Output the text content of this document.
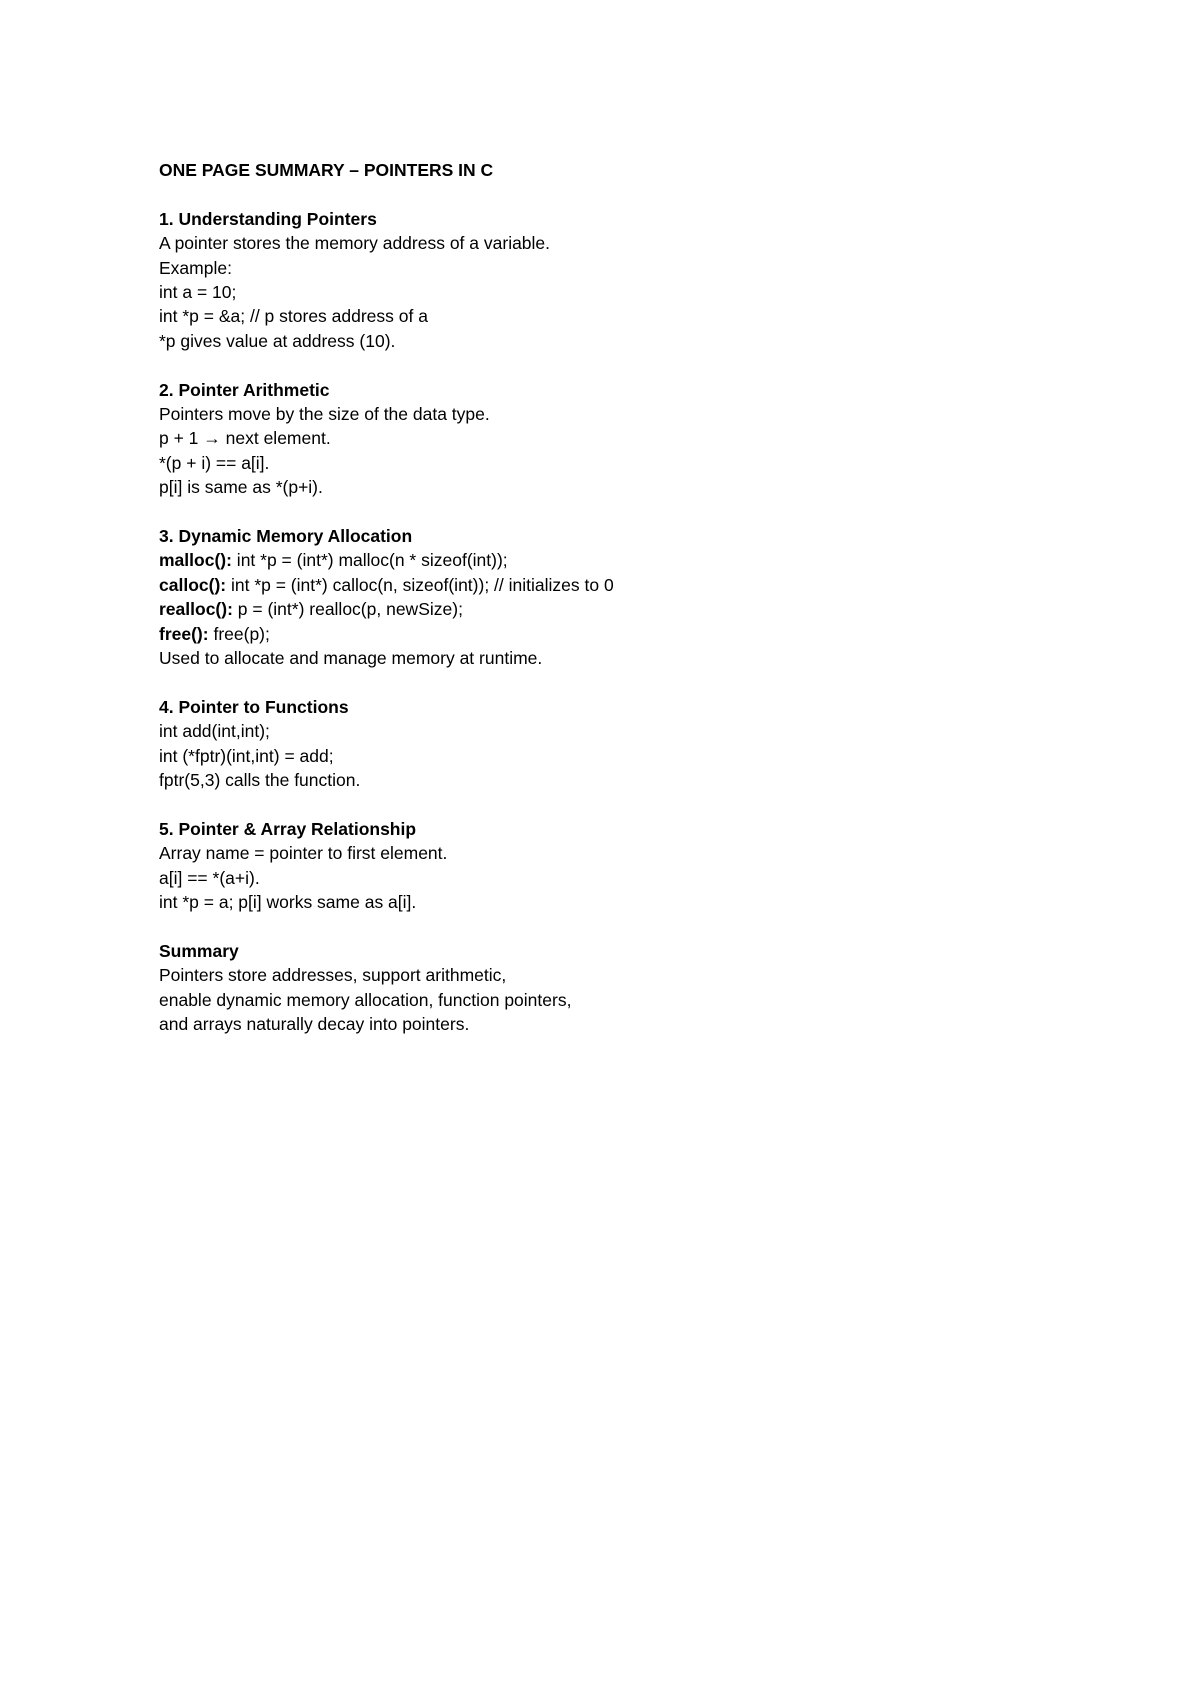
ONE PAGE SUMMARY – POINTERS IN C
1. Understanding Pointers
A pointer stores the memory address of a variable.
Example:
int a = 10;
int *p = &a; // p stores address of a
*p gives value at address (10).
2. Pointer Arithmetic
Pointers move by the size of the data type.
p + 1 → next element.
*(p + i) == a[i].
p[i] is same as *(p+i).
3. Dynamic Memory Allocation
malloc(): int *p = (int*) malloc(n * sizeof(int));
calloc(): int *p = (int*) calloc(n, sizeof(int)); // initializes to 0
realloc(): p = (int*) realloc(p, newSize);
free(): free(p);
Used to allocate and manage memory at runtime.
4. Pointer to Functions
int add(int,int);
int (*fptr)(int,int) = add;
fptr(5,3) calls the function.
5. Pointer & Array Relationship
Array name = pointer to first element.
a[i] == *(a+i).
int *p = a; p[i] works same as a[i].
Summary
Pointers store addresses, support arithmetic,
enable dynamic memory allocation, function pointers,
and arrays naturally decay into pointers.
